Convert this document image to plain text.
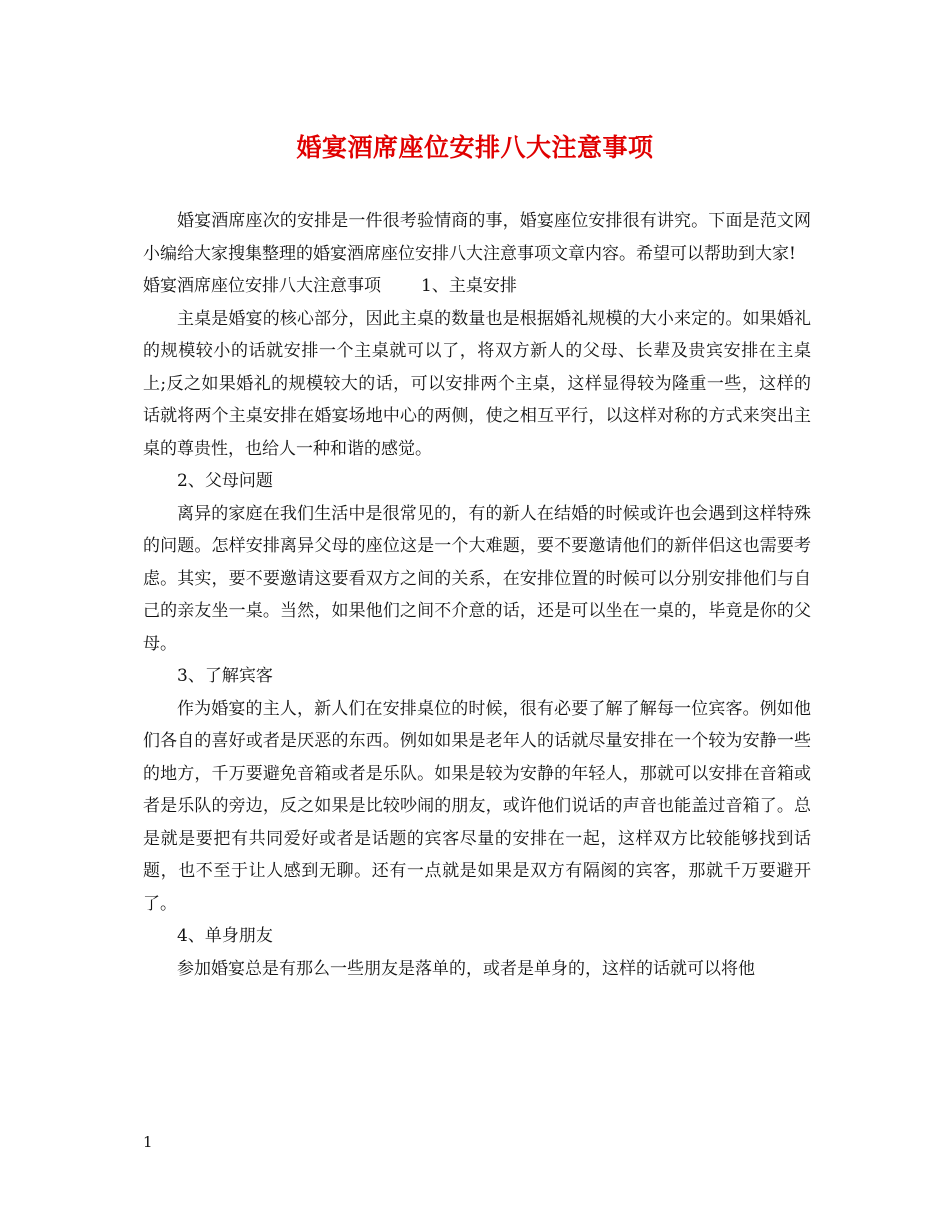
婚宴酒席座位安排八大注意事项

婚宴酒席座次的安排是一件很考验情商的事，婚宴座位安排很有讲究。下面是范文网小编给大家搜集整理的婚宴酒席座位安排八大注意事项文章内容。希望可以帮助到大家!

婚宴酒席座位安排八大注意事项 1、主桌安排

主桌是婚宴的核心部分，因此主桌的数量也是根据婚礼规模的大小来定的。如果婚礼的规模较小的话就安排一个主桌就可以了，将双方新人的父母、长辈及贵宾安排在主桌上;反之如果婚礼的规模较大的话，可以安排两个主桌，这样显得较为隆重一些，这样的话就将两个主桌安排在婚宴场地中心的两侧，使之相互平行，以这样对称的方式来突出主桌的尊贵性，也给人一种和谐的感觉。

2、父母问题

离异的家庭在我们生活中是很常见的，有的新人在结婚的时候或许也会遇到这样特殊的问题。怎样安排离异父母的座位这是一个大难题，要不要邀请他们的新伴侣这也需要考虑。其实，要不要邀请这要看双方之间的关系，在安排位置的时候可以分别安排他们与自己的亲友坐一桌。当然，如果他们之间不介意的话，还是可以坐在一桌的，毕竟是你的父母。

3、了解宾客

作为婚宴的主人，新人们在安排桌位的时候，很有必要了解了解每一位宾客。例如他们各自的喜好或者是厌恶的东西。例如如果是老年人的话就尽量安排在一个较为安静一些的地方，千万要避免音箱或者是乐队。如果是较为安静的年轻人，那就可以安排在音箱或者是乐队的旁边，反之如果是比较吵闹的朋友，或许他们说话的声音也能盖过音箱了。总是就是要把有共同爱好或者是话题的宾客尽量的安排在一起，这样双方比较能够找到话题，也不至于让人感到无聊。还有一点就是如果是双方有隔阂的宾客，那就千万要避开了。

4、单身朋友

参加婚宴总是有那么一些朋友是落单的，或者是单身的，这样的话就可以将他

1
